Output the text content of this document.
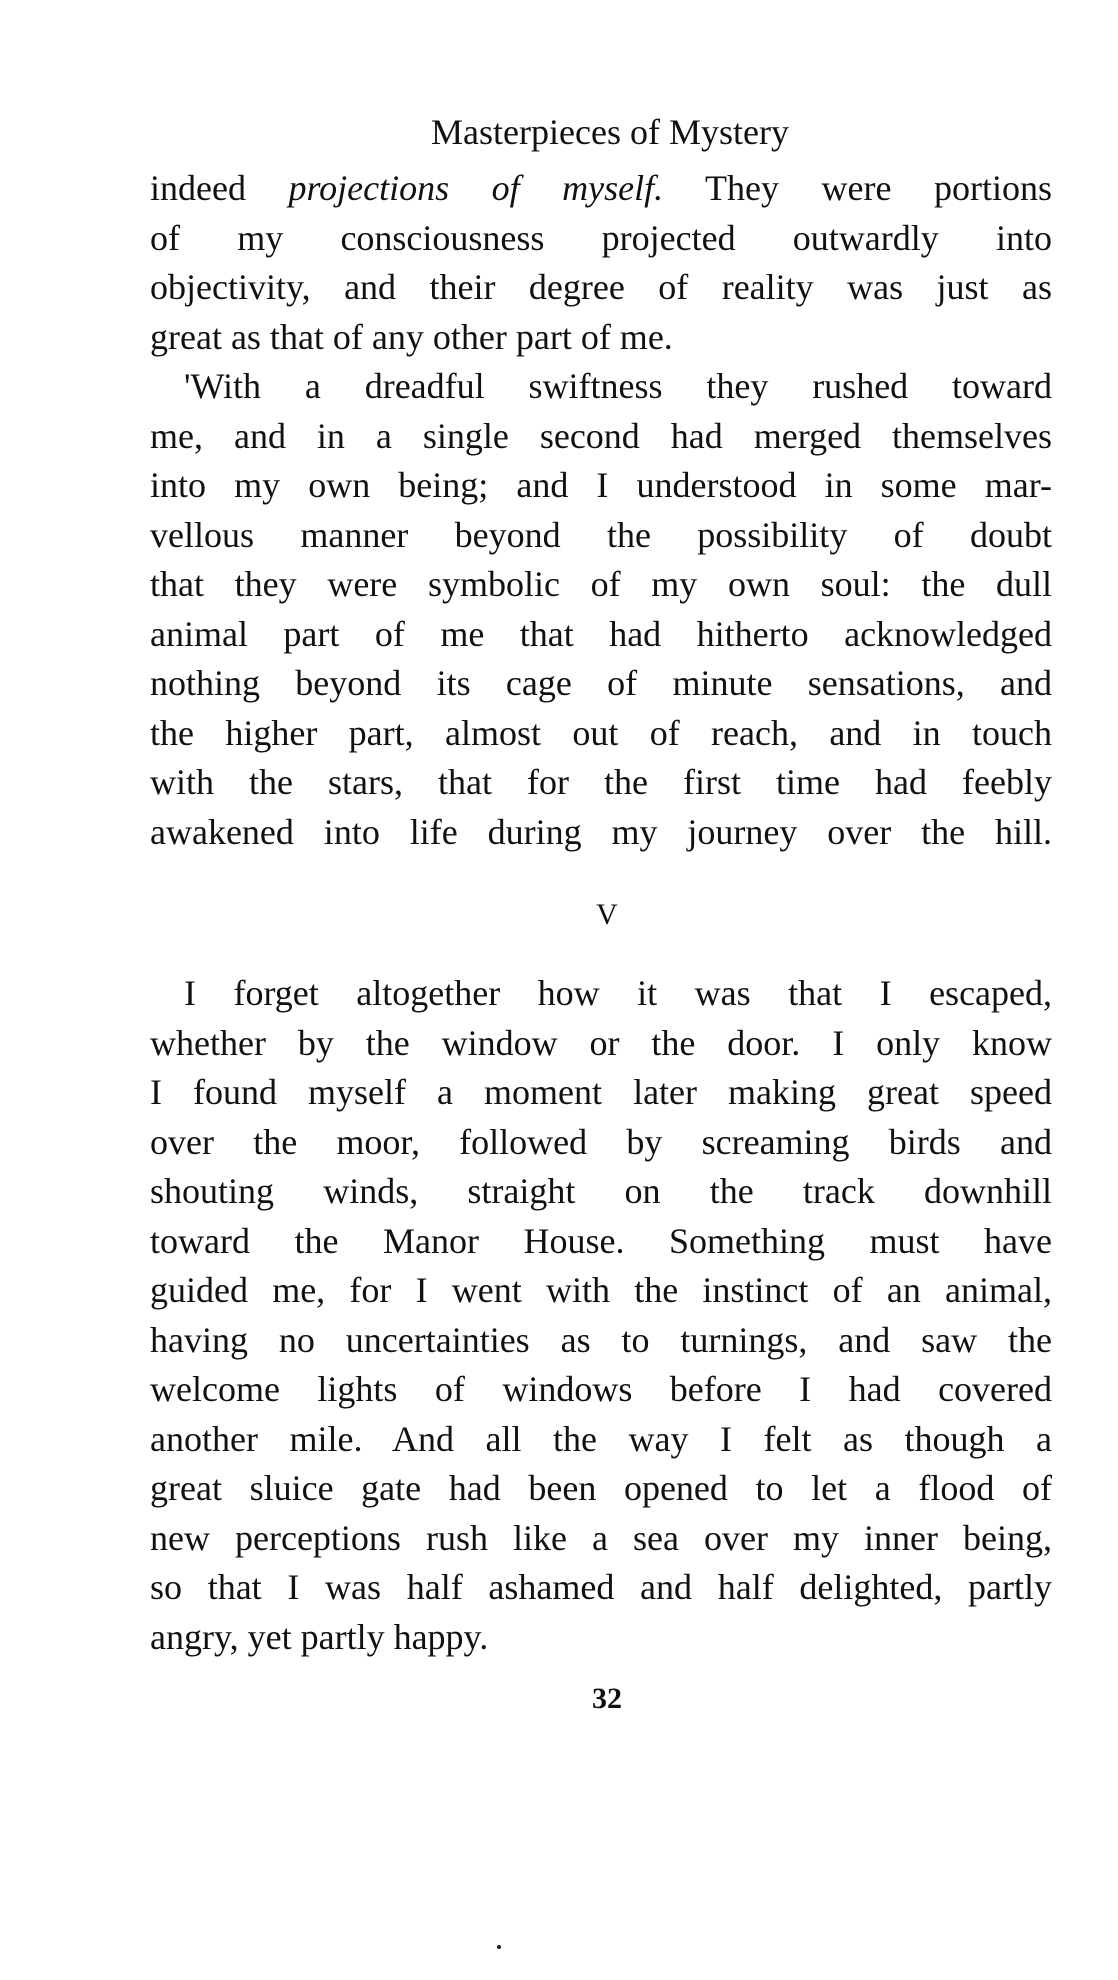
Masterpieces of Mystery
indeed projections of myself. They were portions
of my consciousness projected outwardly into
objectivity, and their degree of reality was just as
great as that of any other part of me.
'With a dreadful swiftness they rushed toward
me, and in a single second had merged themselves
into my own being; and I understood in some mar-
vellous manner beyond the possibility of doubt
that they were symbolic of my own soul: the dull
animal part of me that had hitherto acknowledged
nothing beyond its cage of minute sensations, and
the higher part, almost out of reach, and in touch
with the stars, that for the first time had feebly
awakened into life during my journey over the hill.
V
I forget altogether how it was that I escaped,
whether by the window or the door. I only know
I found myself a moment later making great speed
over the moor, followed by screaming birds and
shouting winds, straight on the track downhill
toward the Manor House. Something must have
guided me, for I went with the instinct of an animal,
having no uncertainties as to turnings, and saw the
welcome lights of windows before I had covered
another mile. And all the way I felt as though a
great sluice gate had been opened to let a flood of
new perceptions rush like a sea over my inner being,
so that I was half ashamed and half delighted, partly
angry, yet partly happy.
32
